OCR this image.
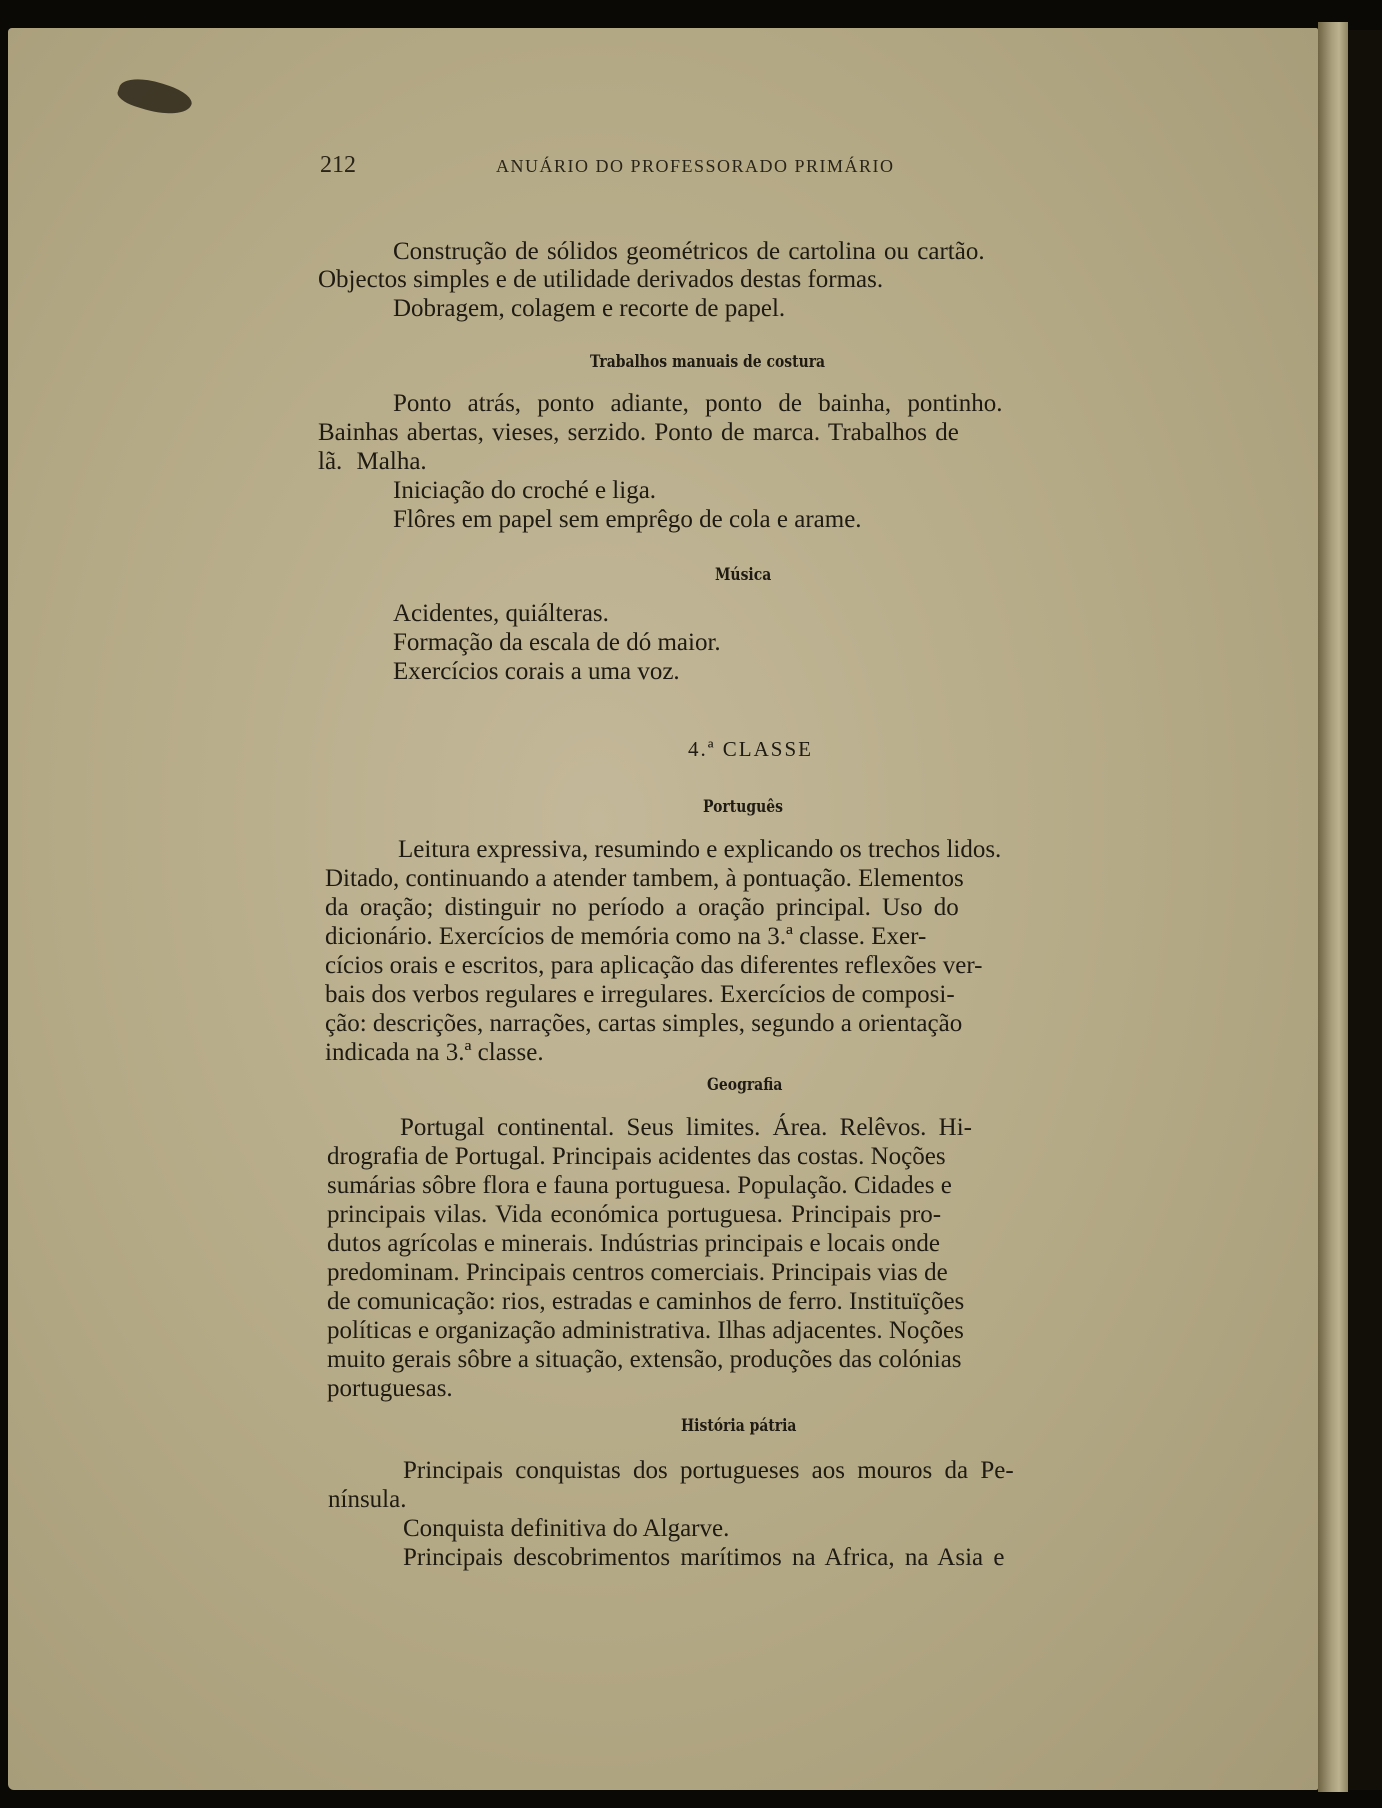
212	ANUÁRIO DO PROFESSORADO PRIMÁRIO
Construção de sólidos geométricos de cartolina ou cartão.
Objectos simples e de utilidade derivados destas formas.
Dobragem, colagem e recorte de papel.
Trabalhos manuais de costura
Ponto atrás, ponto adiante, ponto de bainha, pontinho.
Bainhas abertas, vieses, serzido. Ponto de marca. Trabalhos de
lã. Malha.
Iniciação do croché e liga.
Flôres em papel sem emprêgo de cola e arame.
Música
Acidentes, quiálteras.
Formação da escala de dó maior.
Exercícios corais a uma voz.
4.ª CLASSE
Português
Leitura expressiva, resumindo e explicando os trechos lidos.
Ditado, continuando a atender tambem, à pontuação. Elementos
da oração; distinguir no período a oração principal. Uso do
dicionário. Exercícios de memória como na 3.ª classe. Exer-
cícios orais e escritos, para aplicação das diferentes reflexões ver-
bais dos verbos regulares e irregulares. Exercícios de composi-
ção: descrições, narrações, cartas simples, segundo a orientação
indicada na 3.ª classe.
Geografia
Portugal continental. Seus limites. Área. Relêvos. Hi-
drografia de Portugal. Principais acidentes das costas. Noções
sumárias sôbre flora e fauna portuguesa. População. Cidades e
principais vilas. Vida económica portuguesa. Principais pro-
dutos agrícolas e minerais. Indústrias principais e locais onde
predominam. Principais centros comerciais. Principais vias de
de comunicação: rios, estradas e caminhos de ferro. Instituïções
políticas e organização administrativa. Ilhas adjacentes. Noções
muito gerais sôbre a situação, extensão, produções das colónias
portuguesas.
História pátria
Principais conquistas dos portugueses aos mouros da Pe-
nínsula.
Conquista definitiva do Algarve.
Principais descobrimentos marítimos na Africa, na Asia e
